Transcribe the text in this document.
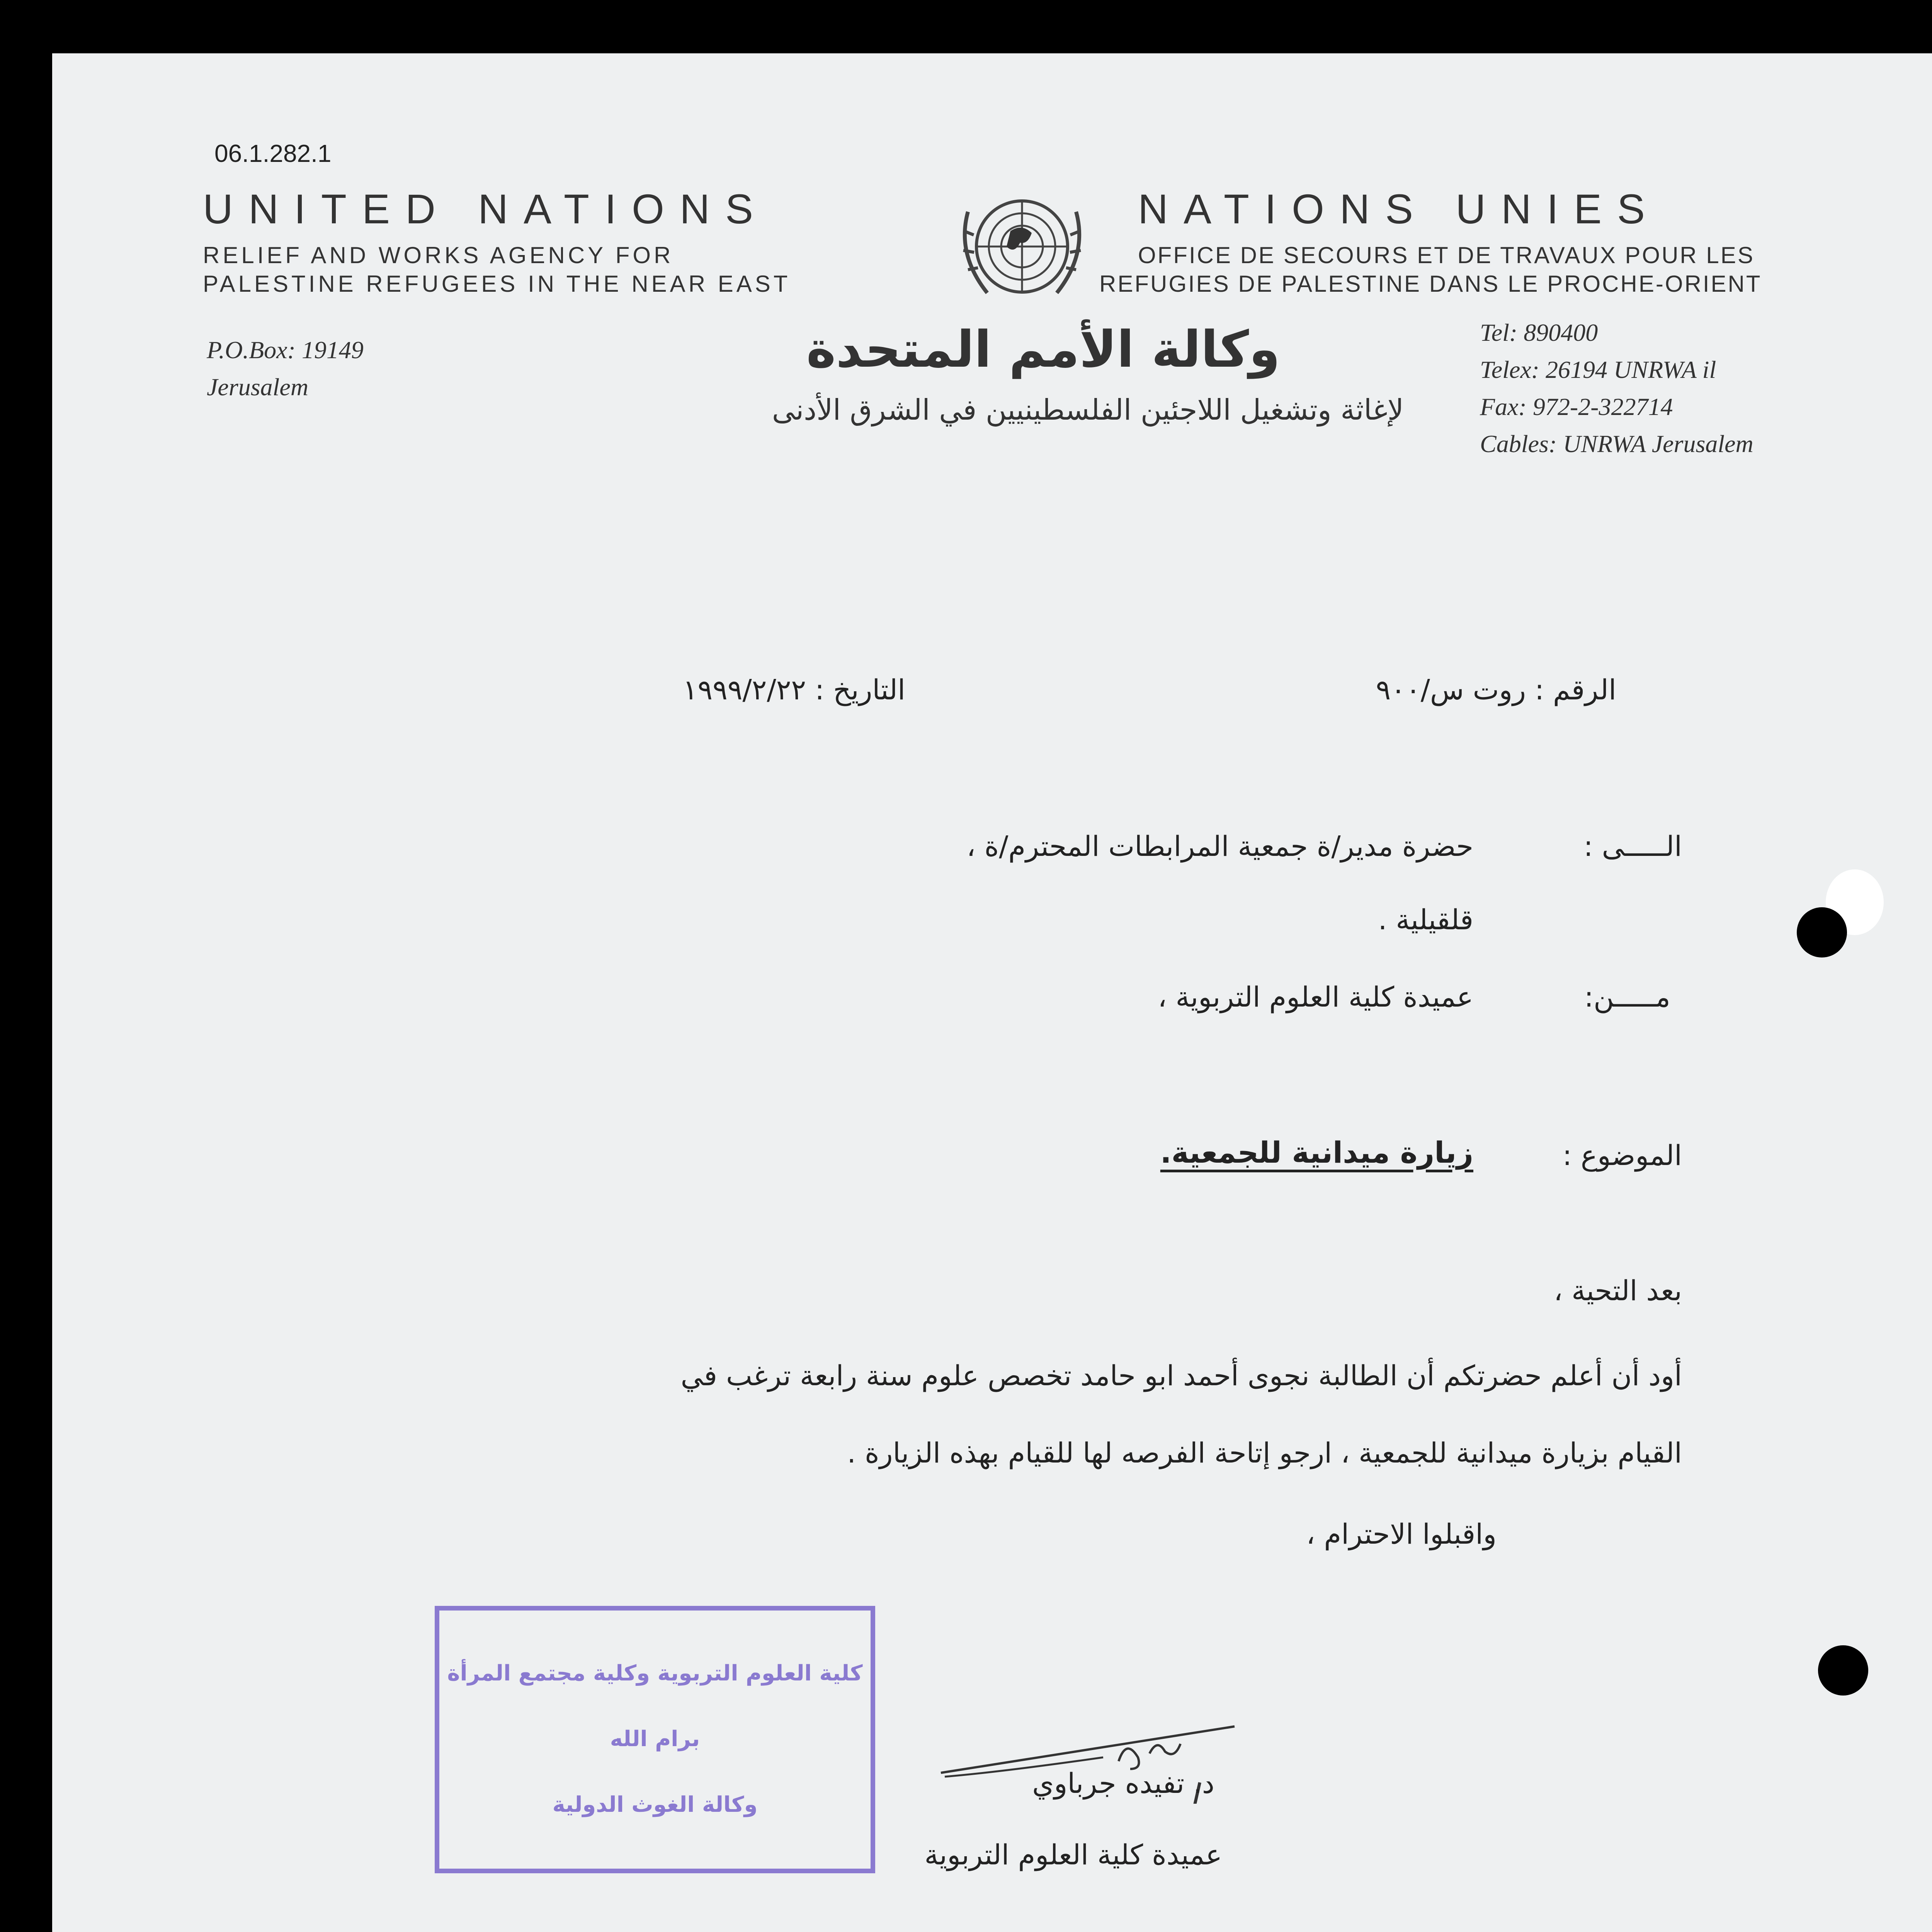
06.1.282.1
UNITED NATIONS
RELIEF AND WORKS AGENCY FOR
PALESTINE REFUGEES IN THE NEAR EAST
NATIONS UNIES
OFFICE DE SECOURS ET DE TRAVAUX POUR LES
REFUGIES DE PALESTINE DANS LE PROCHE-ORIENT
وكالة الأمم المتحدة
لإغاثة وتشغيل اللاجئين الفلسطينيين في الشرق الأدنى
P.O.Box: 19149
Jerusalem
Tel: 890400
Telex: 26194 UNRWA il
Fax: 972-2-322714
Cables: UNRWA Jerusalem
الرقم : روت س/٩٠٠
التاريخ : ١٩٩٩/٢/٢٢
الـــــى :
حضرة مدير/ة جمعية المرابطات المحترم/ة ،
قلقيلية .
مـــــن:
عميدة كلية العلوم التربوية ،
الموضوع :
زيارة ميدانية للجمعية.
بعد التحية ،
أود أن أعلم حضرتكم أن الطالبة نجوى أحمد ابو حامد تخصص علوم سنة رابعة ترغب في
القيام بزيارة ميدانية للجمعية ، ارجو إتاحة الفرصه لها للقيام بهذه الزيارة .
واقبلوا الاحترام ،
كلية العلوم التربوية وكلية مجتمع المرأة
برام الله
وكالة الغوث الدولية
د. تفيده جرباوي
عميدة كلية العلوم التربوية
